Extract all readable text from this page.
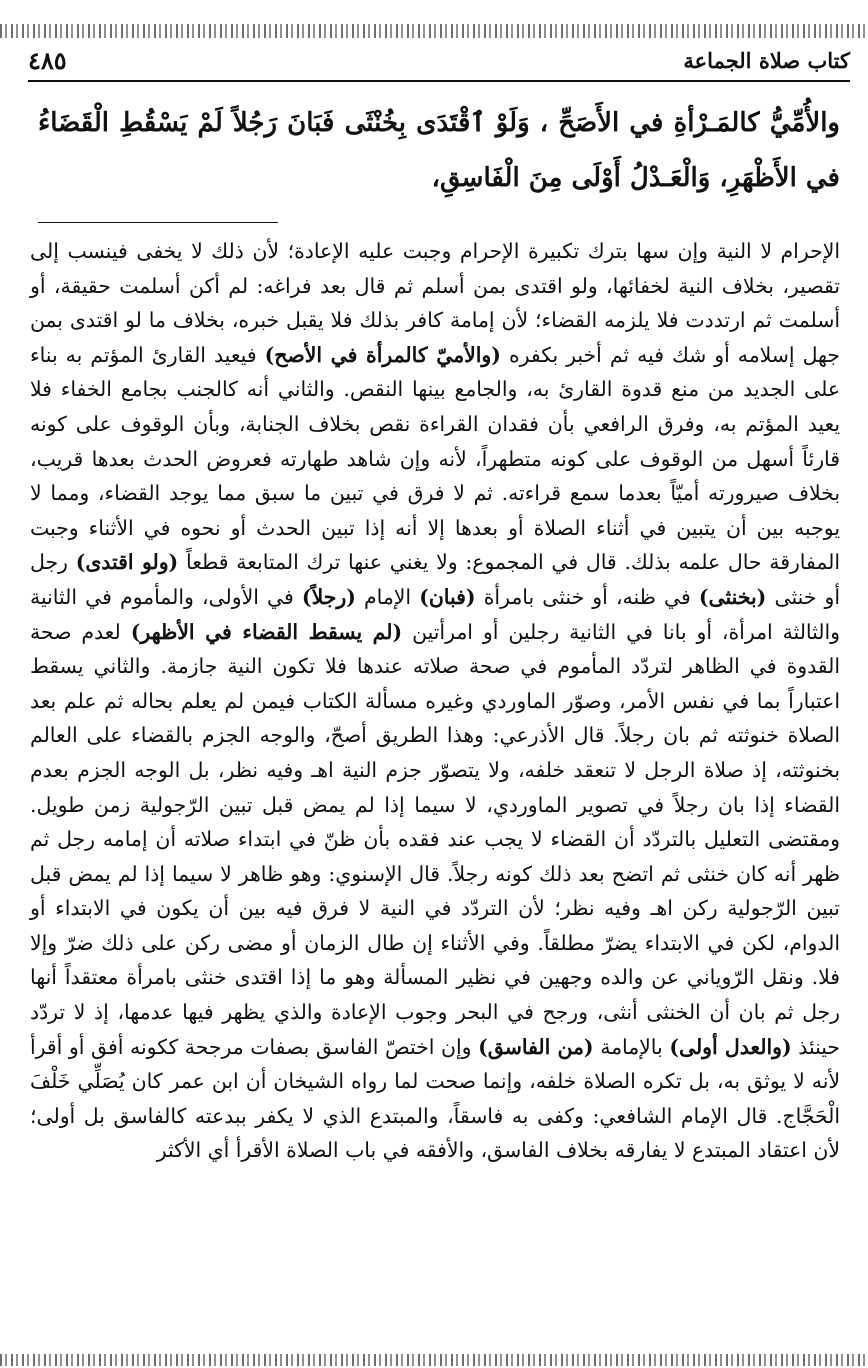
كتاب صلاة الجماعة
٤٨٥
والأُمِّيُّ كالمَـرْأةِ في الأَصَحِّ ، وَلَوْ ٱقْتَدَى بِخُنْثَى فَبَانَ رَجُلاً لَمْ يَسْقُطِ الْقَضَاءُ في الأَظْهَرِ، وَالْعَـدْلُ أَوْلَى مِنَ الْفَاسِقِ،
الإحرام لا النية وإن سها بترك تكبيرة الإحرام وجبت عليه الإعادة؛ لأن ذلك لا يخفى فينسب إلى تقصير، بخلاف النية لخفائها، ولو اقتدى بمن أسلم ثم قال بعد فراغه: لم أكن أسلمت حقيقة، أو أسلمت ثم ارتددت فلا يلزمه القضاء؛ لأن إمامة كافر بذلك فلا يقبل خبره، بخلاف ما لو اقتدى بمن جهل إسلامه أو شك فيه ثم أخبر بكفره (والأميّ كالمرأة في الأصح) فيعيد القارئ المؤتم به بناء على الجديد من منع قدوة القارئ به، والجامع بينها النقص. والثاني أنه كالجنب بجامع الخفاء فلا يعيد المؤتم به، وفرق الرافعي بأن فقدان القراءة نقص بخلاف الجنابة، وبأن الوقوف على كونه قارئاً أسهل من الوقوف على كونه متطهراً، لأنه وإن شاهد طهارته فعروض الحدث بعدها قريب، بخلاف صيرورته أميّاً بعدما سمع قراءته. ثم لا فرق في تبين ما سبق مما يوجد القضاء، ومما لا يوجبه بين أن يتبين في أثناء الصلاة أو بعدها إلا أنه إذا تبين الحدث أو نحوه في الأثناء وجبت المفارقة حال علمه بذلك. قال في المجموع: ولا يغني عنها ترك المتابعة قطعاً (ولو اقتدى) رجل أو خنثى (بخنثى) في ظنه، أو خنثى بامرأة (فبان) الإمام (رجلاً) في الأولى، والمأموم في الثانية والثالثة امرأة، أو بانا في الثانية رجلين أو امرأتين (لم يسقط القضاء في الأظهر) لعدم صحة القدوة في الظاهر لتردّد المأموم في صحة صلاته عندها فلا تكون النية جازمة. والثاني يسقط اعتباراً بما في نفس الأمر، وصوّر الماوردي وغيره مسألة الكتاب فيمن لم يعلم بحاله ثم علم بعد الصلاة خنوثته ثم بان رجلاً. قال الأذرعي: وهذا الطريق أصحّ، والوجه الجزم بالقضاء على العالم بخنوثته، إذ صلاة الرجل لا تنعقد خلفه، ولا يتصوّر جزم النية اهـ وفيه نظر، بل الوجه الجزم بعدم القضاء إذا بان رجلاً في تصوير الماوردي، لا سيما إذا لم يمض قبل تبين الرّجولية زمن طويل. ومقتضى التعليل بالتردّد أن القضاء لا يجب عند فقده بأن ظنّ في ابتداء صلاته أن إمامه رجل ثم ظهر أنه كان خنثى ثم اتضح بعد ذلك كونه رجلاً. قال الإسنوي: وهو ظاهر لا سيما إذا لم يمض قبل تبين الرّجولية ركن اهـ وفيه نظر؛ لأن التردّد في النية لا فرق فيه بين أن يكون في الابتداء أو الدوام، لكن في الابتداء يضرّ مطلقاً. وفي الأثناء إن طال الزمان أو مضى ركن على ذلك ضرّ وإلا فلا. ونقل الرّوياني عن والده وجهين في نظير المسألة وهو ما إذا اقتدى خنثى بامرأة معتقداً أنها رجل ثم بان أن الخنثى أنثى، ورجح في البحر وجوب الإعادة والذي يظهر فيها عدمها، إذ لا تردّد حينئذ (والعدل أولى) بالإمامة (من الفاسق) وإن اختصّ الفاسق بصفات مرجحة ككونه أفق أو أقرأ لأنه لا يوثق به، بل تكره الصلاة خلفه، وإنما صحت لما رواه الشيخان أن ابن عمر كان يُصَلِّي خَلْفَ الْحَجَّاج. قال الإمام الشافعي: وكفى به فاسقاً، والمبتدع الذي لا يكفر ببدعته كالفاسق بل أولى؛ لأن اعتقاد المبتدع لا يفارقه بخلاف الفاسق، والأفقه في باب الصلاة الأقرأ أي الأكثر
